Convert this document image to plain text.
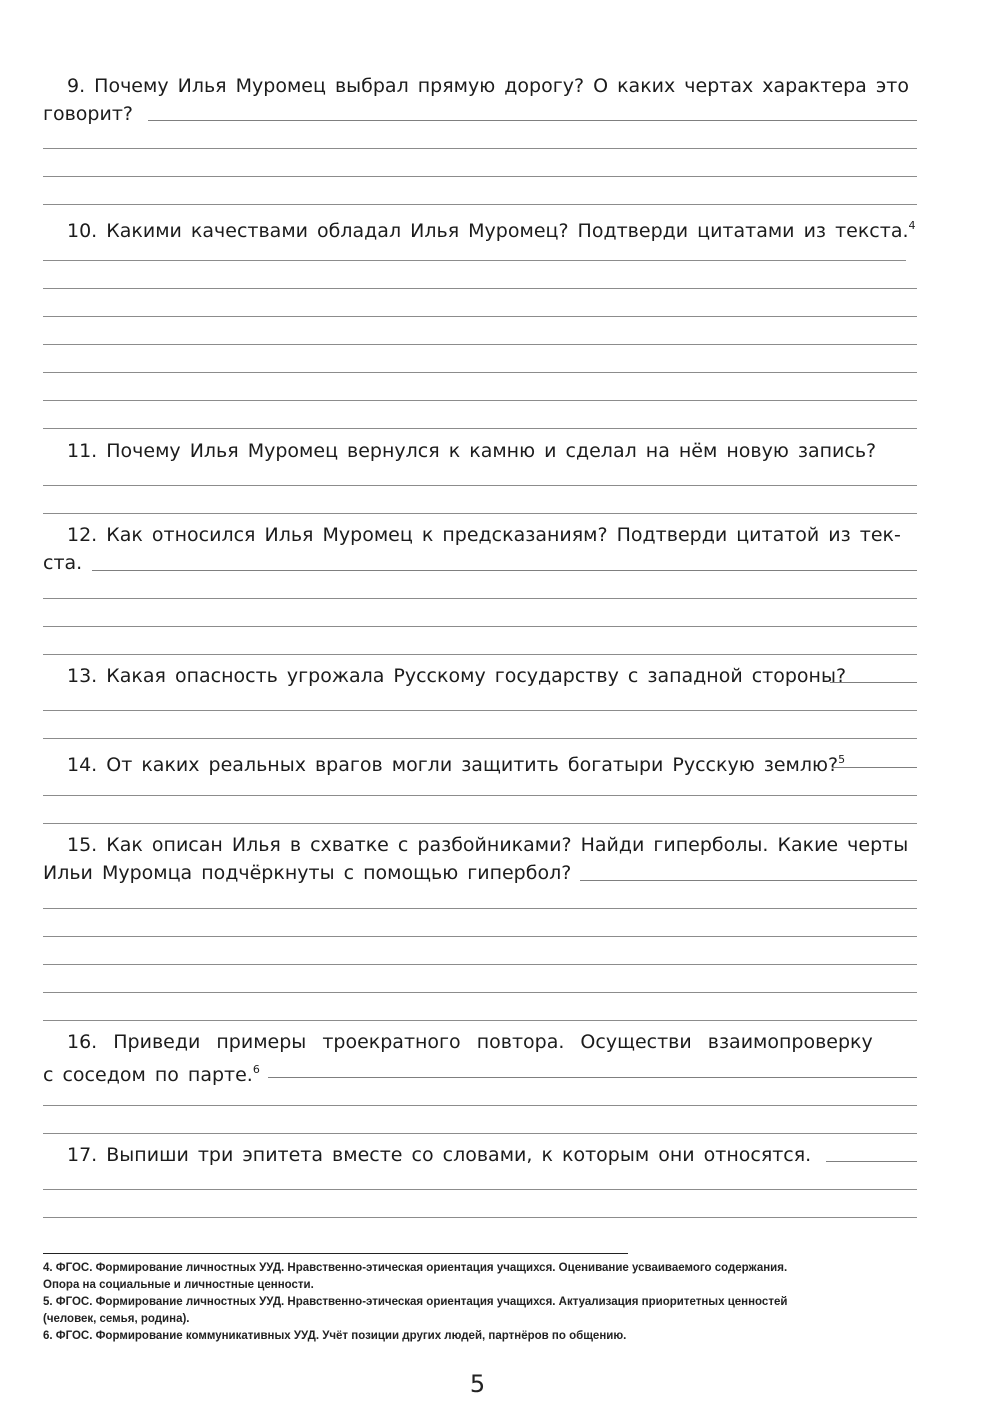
9. Почему Илья Муромец выбрал прямую дорогу? О каких чертах характера это
говорит?
10. Какими качествами обладал Илья Муромец? Подтверди цитатами из текста.$^4$
11. Почему Илья Муромец вернулся к камню и сделал на нём новую запись?
12. Как относился Илья Муромец к предсказаниям? Подтверди цитатой из тек-
ста.
13. Какая опасность угрожала Русскому государству с западной стороны?
14. От каких реальных врагов могли защитить богатыри Русскую землю?$^5$
15. Как описан Илья в схватке с разбойниками? Найди гиперболы. Какие черты
Ильи Муромца подчёркнуты с помощью гипербол?
16. Приведи примеры троекратного повтора. Осуществи взаимопроверку
с соседом по парте.$^6$
17. Выпиши три эпитета вместе со словами, к которым они относятся.
4. ФГОС. Формирование личностных УУД. Нравственно-этическая ориентация учащихся. Оценивание усваиваемого содержания.
Опора на социальные и личностные ценности.
5. ФГОС. Формирование личностных УУД. Нравственно-этическая ориентация учащихся. Актуализация приоритетных ценностей
(человек, семья, родина).
6. ФГОС. Формирование коммуникативных УУД. Учёт позиции других людей, партнёров по общению.
5
